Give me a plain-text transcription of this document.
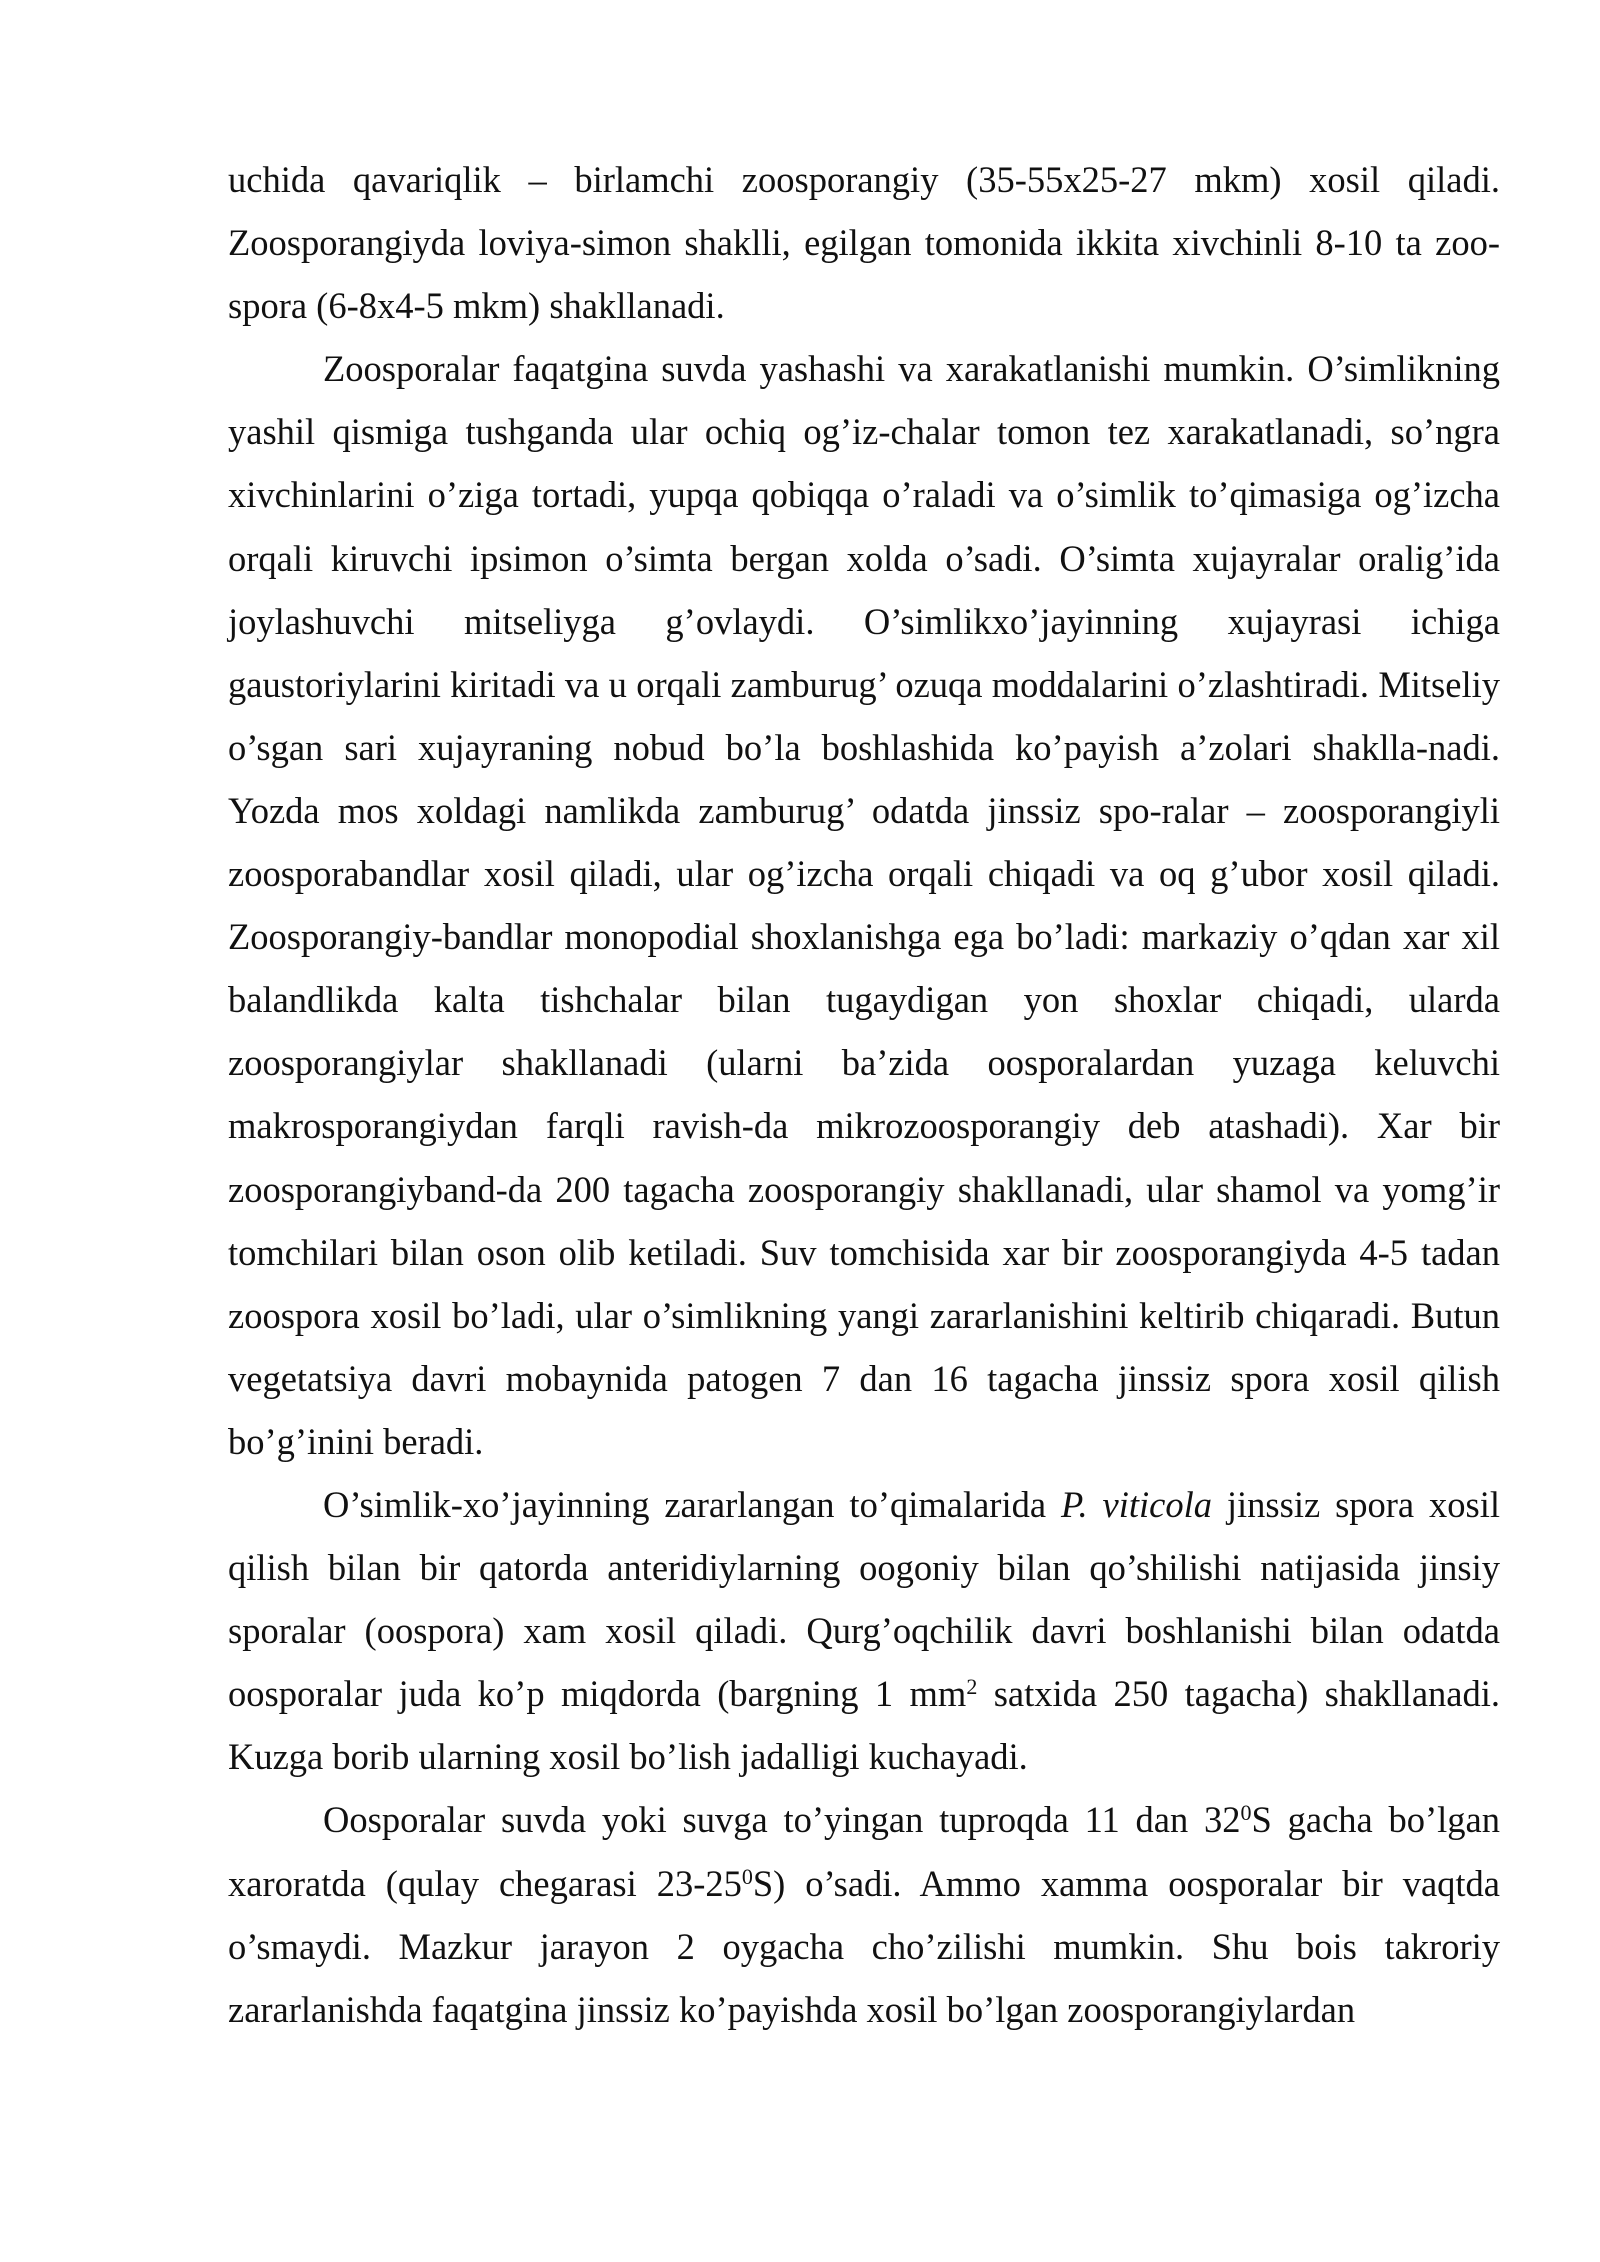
uchida qavariqlik – birlamchi zoosporangiy (35-55x25-27 mkm) xosil qiladi. Zoosporangiyda loviya-simon shaklli, egilgan tomonida ikkita xivchinli 8-10 ta zoo-spora (6-8x4-5 mkm) shakllanadi.

Zoosporalar faqatgina suvda yashashi va xarakatlanishi mumkin. O’simlikning yashil qismiga tushganda ular ochiq og’iz-chalar tomon tez xarakatlanadi, so’ngra xivchinlarini o’ziga tortadi, yupqa qobiqqa o’raladi va o’simlik to’qimasiga og’izcha orqali kiruvchi ipsimon o’simta bergan xolda o’sadi. O’simta xujayralar oralig’ida joylashuvchi mitseliyga g’ovlaydi. O’simlikxo’jayinning xujayrasi ichiga gaustoriylarini kiritadi va u orqali zamburug’ ozuqa moddalarini o’zlashtiradi. Mitseliy o’sgan sari xujayraning nobud bo’la boshlashida ko’payish a’zolari shaklla-nadi. Yozda mos xoldagi namlikda zamburug’ odatda jinssiz spo-ralar – zoosporangiyli zoosporabandlar xosil qiladi, ular og’izcha orqali chiqadi va oq g’ubor xosil qiladi. Zoosporangiy-bandlar monopodial shoxlanishga ega bo’ladi: markaziy o’qdan xar xil balandlikda kalta tishchalar bilan tugaydigan yon shoxlar chiqadi, ularda zoosporangiylar shakllanadi (ularni ba’zida oosporalardan yuzaga keluvchi makrosporangiydan farqli ravish-da mikrozoosporangiy deb atashadi). Xar bir zoosporangiyband-da 200 tagacha zoosporangiy shakllanadi, ular shamol va yomg’ir tomchilari bilan oson olib ketiladi. Suv tomchisida xar bir zoosporangiyda 4-5 tadan zoospora xosil bo’ladi, ular o’simlikning yangi zararlanishini keltirib chiqaradi. Butun vegetatsiya davri mobaynida patogen 7 dan 16 tagacha jinssiz spora xosil qilish bo’g’inini beradi.

O’simlik-xo’jayinning zararlangan to’qimalarida P. viticola jinssiz spora xosil qilish bilan bir qatorda anteridiylarning oogoniy bilan qo’shilishi natijasida jinsiy sporalar (oospora) xam xosil qiladi. Qurg’oqchilik davri boshlanishi bilan odatda oosporalar juda ko’p miqdorda (bargning 1 $mm^2$ satxida 250 tagacha) shakllanadi. Kuzga borib ularning xosil bo’lish jadalligi kuchayadi.

Oosporalar suvda yoki suvga to’yingan tuproqda 11 dan $32^0S$ gacha bo’lgan xaroratda (qulay chegarasi $23-25^0S$) o’sadi. Ammo xamma oosporalar bir vaqtda o’smaydi. Mazkur jarayon 2 oygacha cho’zilishi mumkin. Shu bois takroriy zararlanishda faqatgina jinssiz ko’payishda xosil bo’lgan zoosporangiylardan
